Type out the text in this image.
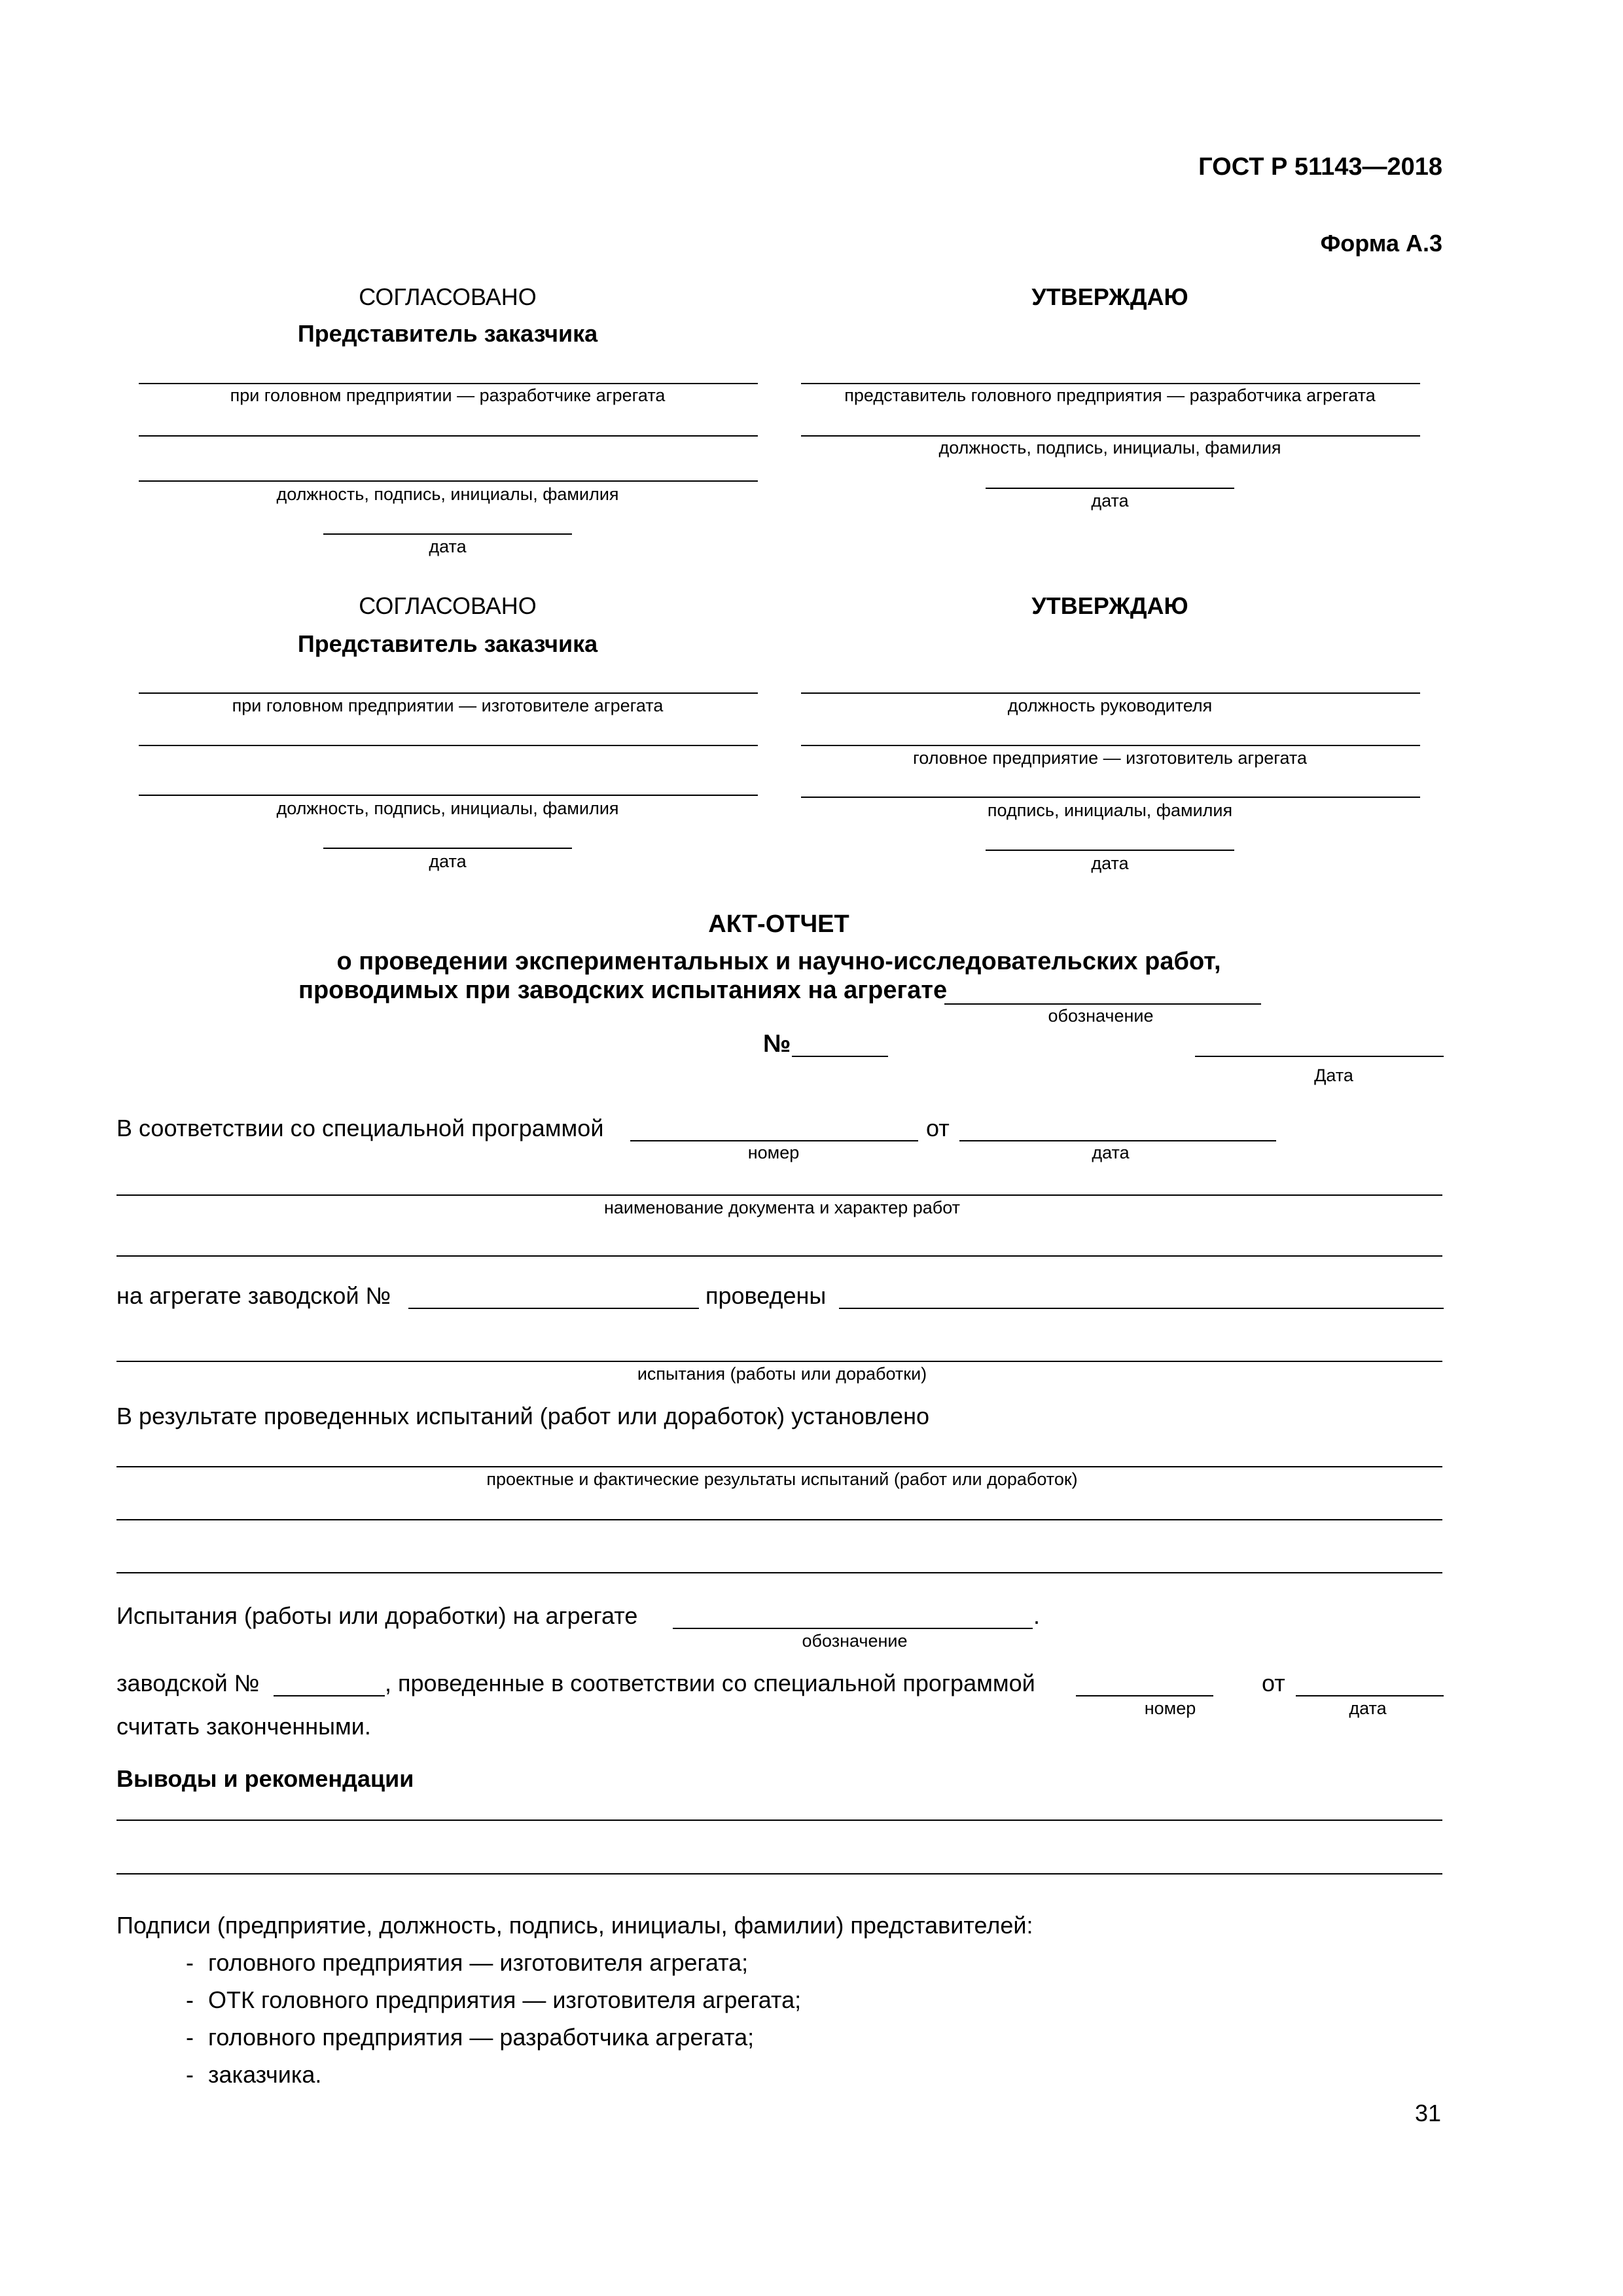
ГОСТ Р 51143—2018
Форма А.3
СОГЛАСОВАНО
Представитель заказчика
при головном предприятии — разработчике агрегата
должность, подпись, инициалы, фамилия
дата
УТВЕРЖДАЮ
представитель головного предприятия — разработчика агрегата
должность, подпись, инициалы, фамилия
дата
СОГЛАСОВАНО
Представитель заказчика
при головном предприятии — изготовителе агрегата
должность, подпись, инициалы, фамилия
дата
УТВЕРЖДАЮ
должность руководителя
головное предприятие — изготовитель агрегата
подпись, инициалы, фамилия
дата
АКТ-ОТЧЕТ
о проведении экспериментальных и научно-исследовательских работ,
проводимых при заводских испытаниях на агрегате
обозначение
№
Дата
В соответствии со специальной программой	от
номер	дата
наименование документа и характер работ
на агрегате заводской №	проведены
испытания (работы или доработки)
В результате проведенных испытаний (работ или доработок) установлено
проектные и фактические результаты испытаний (работ или доработок)
Испытания (работы или доработки) на агрегате	.
обозначение
заводской №	, проведенные в соответствии со специальной программой	от
номер	дата
считать законченными.
Выводы и рекомендации
Подписи (предприятие, должность, подпись, инициалы, фамилии) представителей:
- головного предприятия — изготовителя агрегата;
- ОТК головного предприятия — изготовителя агрегата;
- головного предприятия — разработчика агрегата;
- заказчика.
31
